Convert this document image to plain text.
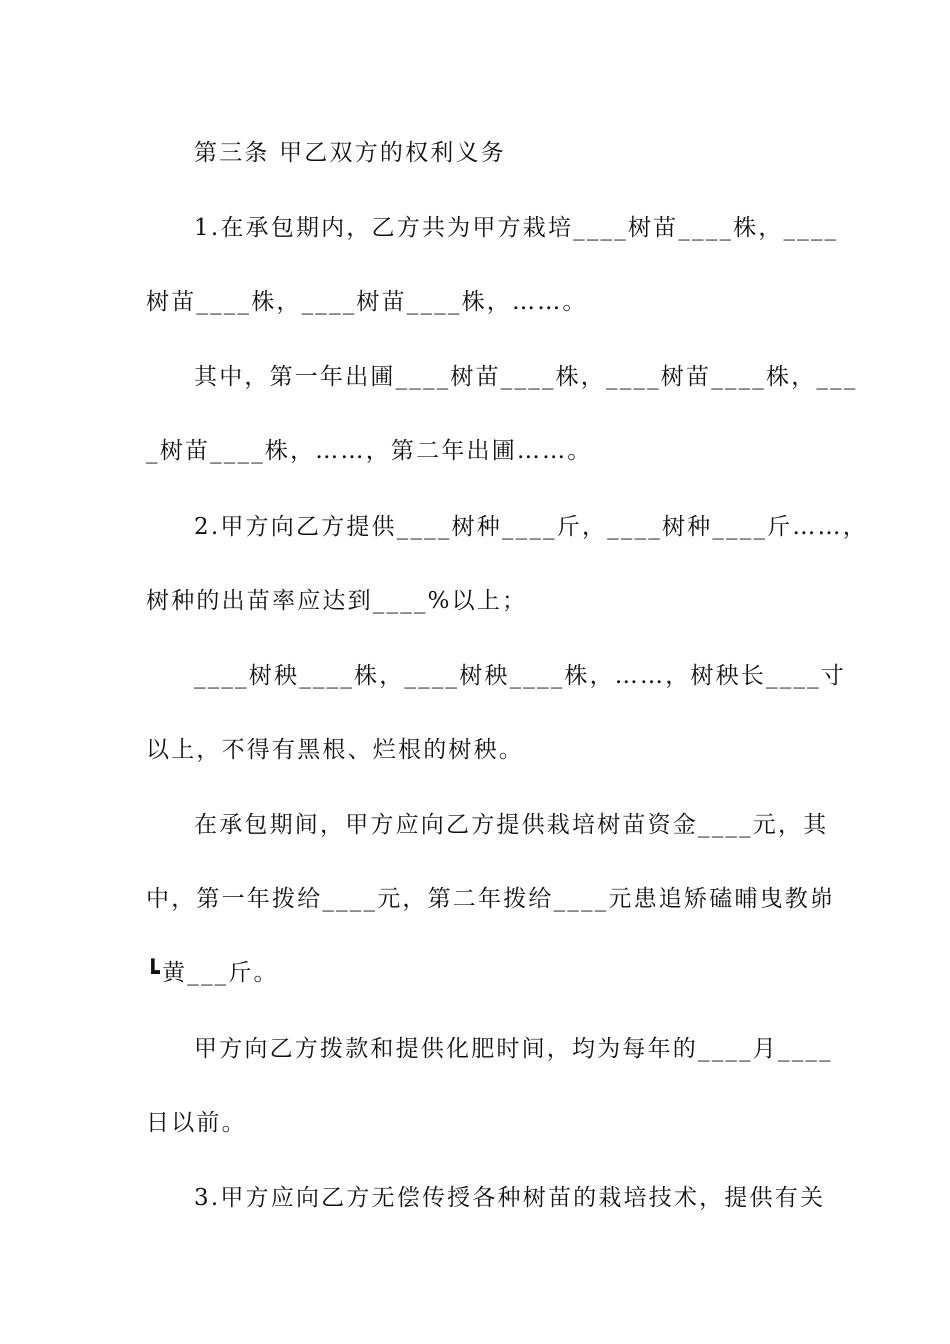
第三条 甲乙双方的权利义务
1.在承包期内，乙方共为甲方栽培____树苗____株，____
树苗____株，____树苗____株，……。
其中，第一年出圃____树苗____株，____树苗____株，___
_树苗____株，……，第二年出圃……。
2.甲方向乙方提供____树种____斤，____树种____斤……，
树种的出苗率应达到____%以上；
____树秧____株，____树秧____株，……，树秧长____寸
以上，不得有黑根、烂根的树秧。
在承包期间，甲方应向乙方提供栽培树苗资金____元，其
中，第一年拨给____元，第二年拨给____元患追矫磕晡曳教峁
┗黄___斤。
甲方向乙方拨款和提供化肥时间，均为每年的____月____
日以前。
3.甲方应向乙方无偿传授各种树苗的栽培技术，提供有关
